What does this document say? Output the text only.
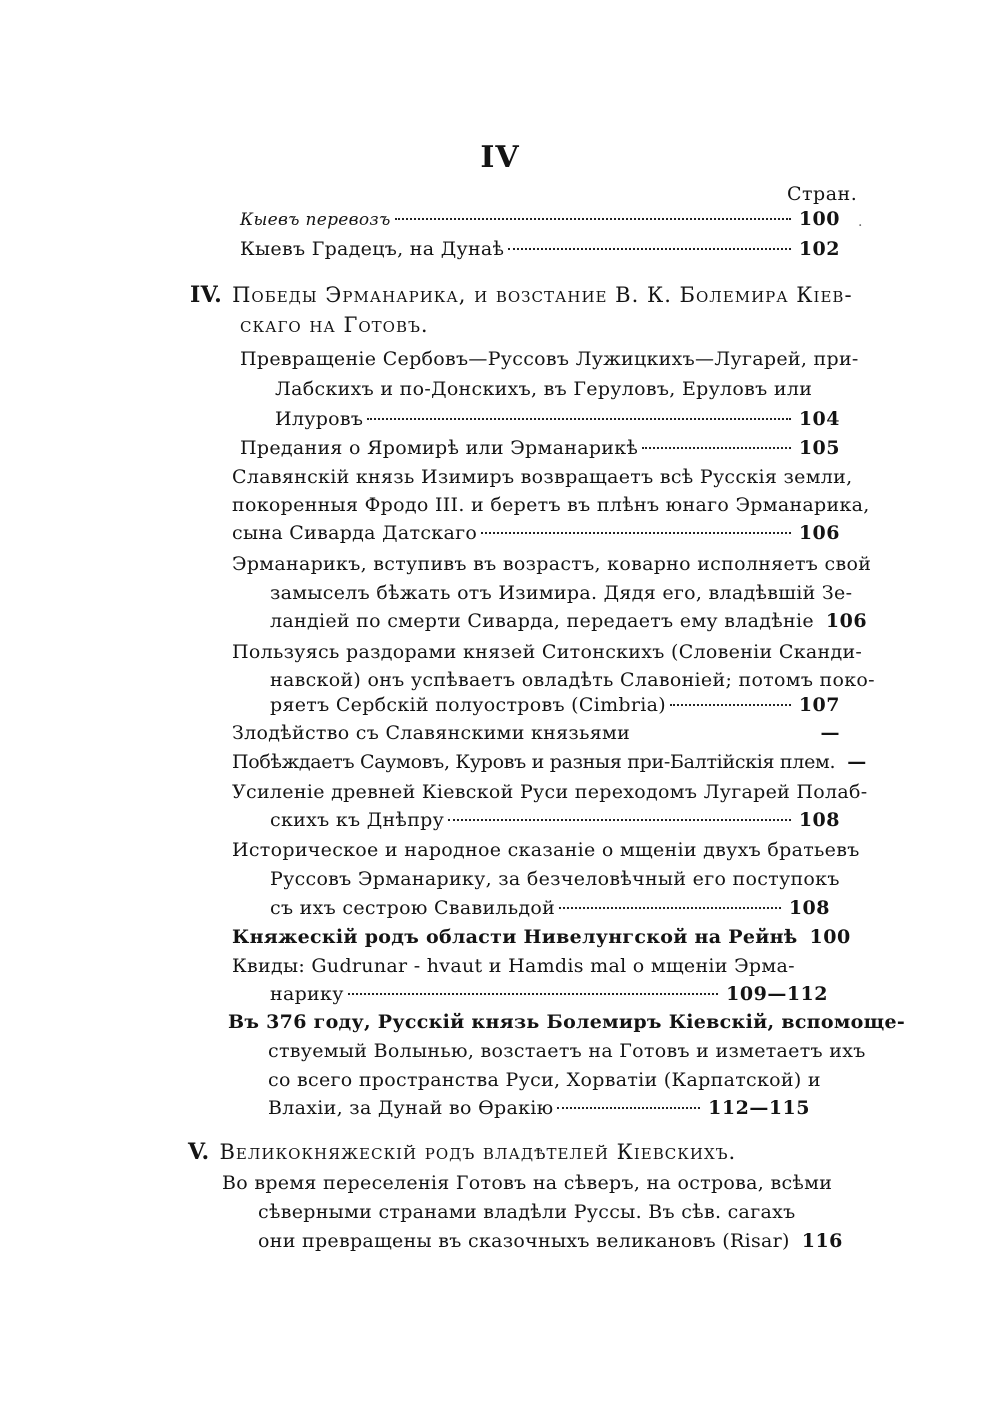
IV
Стран.
·
Кыевъ перевозъ	100
Кыевъ Градецъ, на Дунаѣ	102
IV. Победы Эрманарика, и возстание В. К. Болемира Кiев-
скаго на Готовъ.
Превращенiе Сербовъ—Руссовъ Лужицкихъ—Лугарей, при-
Лабскихъ и по-Донскихъ, въ Геруловъ, Еруловъ или
Илуровъ	104
Предания о Яромирѣ или Эрманарикѣ	105
Славянскiй князь Изимиръ возвращаетъ всѣ Русскiя земли,
покоренныя Фродо III. и беретъ въ плѣнъ юнаго Эрманарика,
сына Сиварда Датскаго	106
Эрманарикъ, вступивъ въ возрастъ, коварно исполняетъ свой
замыселъ бѣжать отъ Изимира. Дядя его, владѣвшiй Зе-
ландiей по смерти Сиварда, передаетъ ему владѣнiе 106
Пользуясь раздорами князей Ситонскихъ (Словенiи Сканди-
навской) онъ успѣваетъ овладѣть Славонiей; потомъ поко-
ряетъ Сербскiй полуостровъ (Cimbria)	107
Злодѣйство съ Славянскими князьями	—
Побѣждаетъ Саумовъ, Куровъ и разныя при-Балтiйскiя плем. —
Усиленiе древней Кiевской Руси переходомъ Лугарей Полаб-
скихъ къ Днѣпру	108
Историческое и народное сказанiе о мщенiи двухъ братьевъ
Руссовъ Эрманарику, за безчеловѣчный его поступокъ
съ ихъ сестрою Свавильдой	108
Княжескiй родъ области Нивелунгской на Рейнѣ 100
Квиды: Gudrunar - hvaut и Hamdis mal о мщенiи Эрма-
нарику	109—112
Въ 376 году, Русскiй князь Болемиръ Кiевскiй, вспомоще-
ствуемый Волынью, возстаетъ на Готовъ и изметаетъ ихъ
со всего пространства Руси, Хорватiи (Карпатской) и
Влахiи, за Дунай во Ѳракiю	112—115
V. Великокняжескiй родъ владѣтелей Кiевскихъ.
Во время переселенiя Готовъ на сѣверъ, на острова, всѣми
сѣверными странами владѣли Руссы. Въ сѣв. сагахъ
они превращены въ сказочныхъ великановъ (Risar) 116
